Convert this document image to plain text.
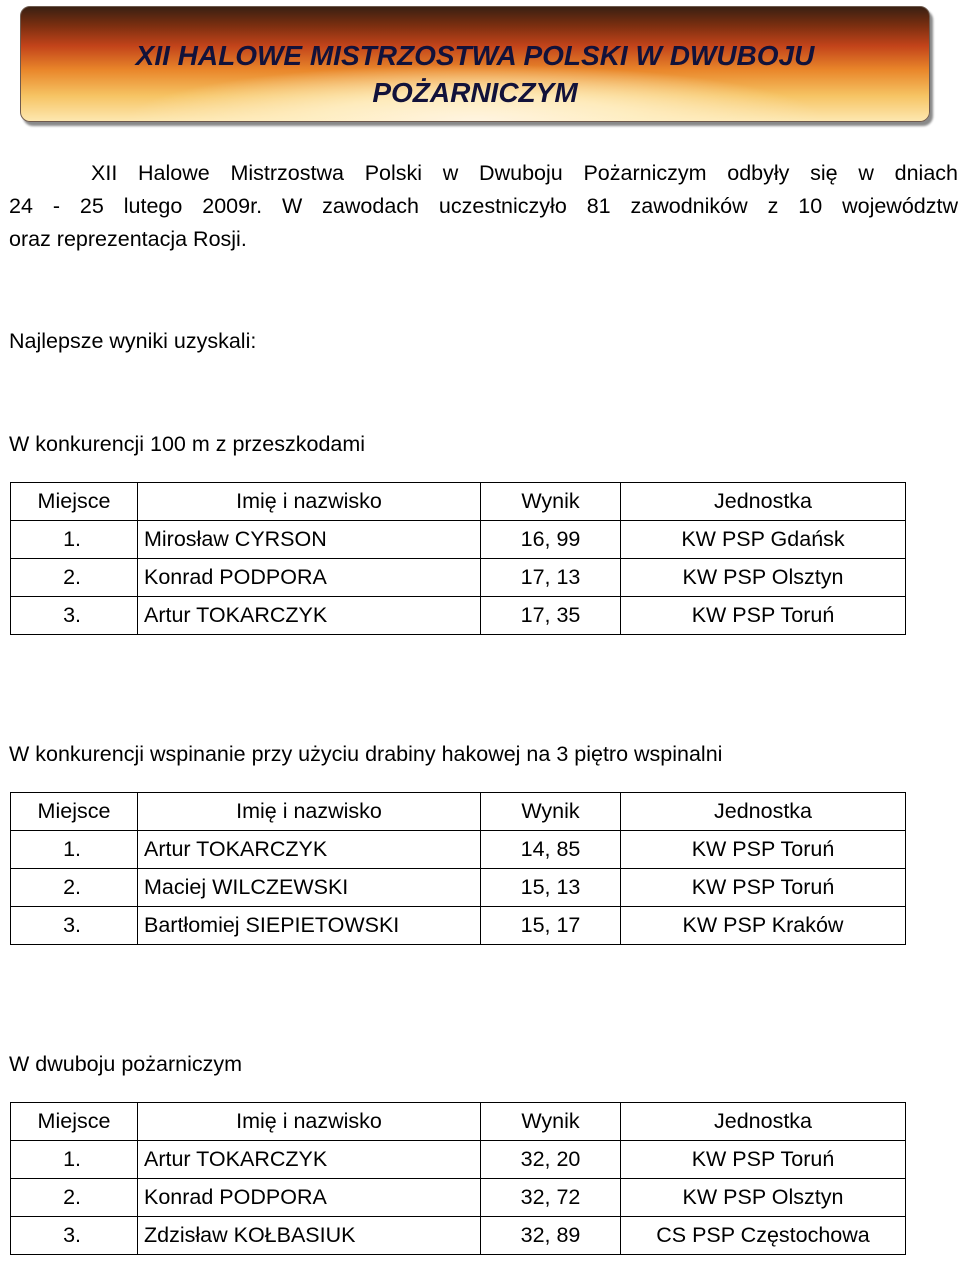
XII HALOWE MISTRZOSTWA POLSKI W DWUBOJU
POŻARNICZYM

XII Halowe Mistrzostwa Polski w Dwuboju Pożarniczym odbyły się w dniach
24 - 25 lutego 2009r. W zawodach uczestniczyło 81 zawodników z 10 województw
oraz reprezentacja Rosji.

Najlepsze wyniki uzyskali:

W konkurencji 100 m z przeszkodami

Miejsce	Imię i nazwisko	Wynik	Jednostka
1.	Mirosław CYRSON	16, 99	KW PSP Gdańsk
2.	Konrad PODPORA	17, 13	KW PSP Olsztyn
3.	Artur TOKARCZYK	17, 35	KW PSP Toruń

W konkurencji wspinanie przy użyciu drabiny hakowej na 3 piętro wspinalni

Miejsce	Imię i nazwisko	Wynik	Jednostka
1.	Artur TOKARCZYK	14, 85	KW PSP Toruń
2.	Maciej WILCZEWSKI	15, 13	KW PSP Toruń
3.	Bartłomiej SIEPIETOWSKI	15, 17	KW PSP Kraków

W dwuboju pożarniczym

Miejsce	Imię i nazwisko	Wynik	Jednostka
1.	Artur TOKARCZYK	32, 20	KW PSP Toruń
2.	Konrad PODPORA	32, 72	KW PSP Olsztyn
3.	Zdzisław KOŁBASIUK	32, 89	CS PSP Częstochowa
